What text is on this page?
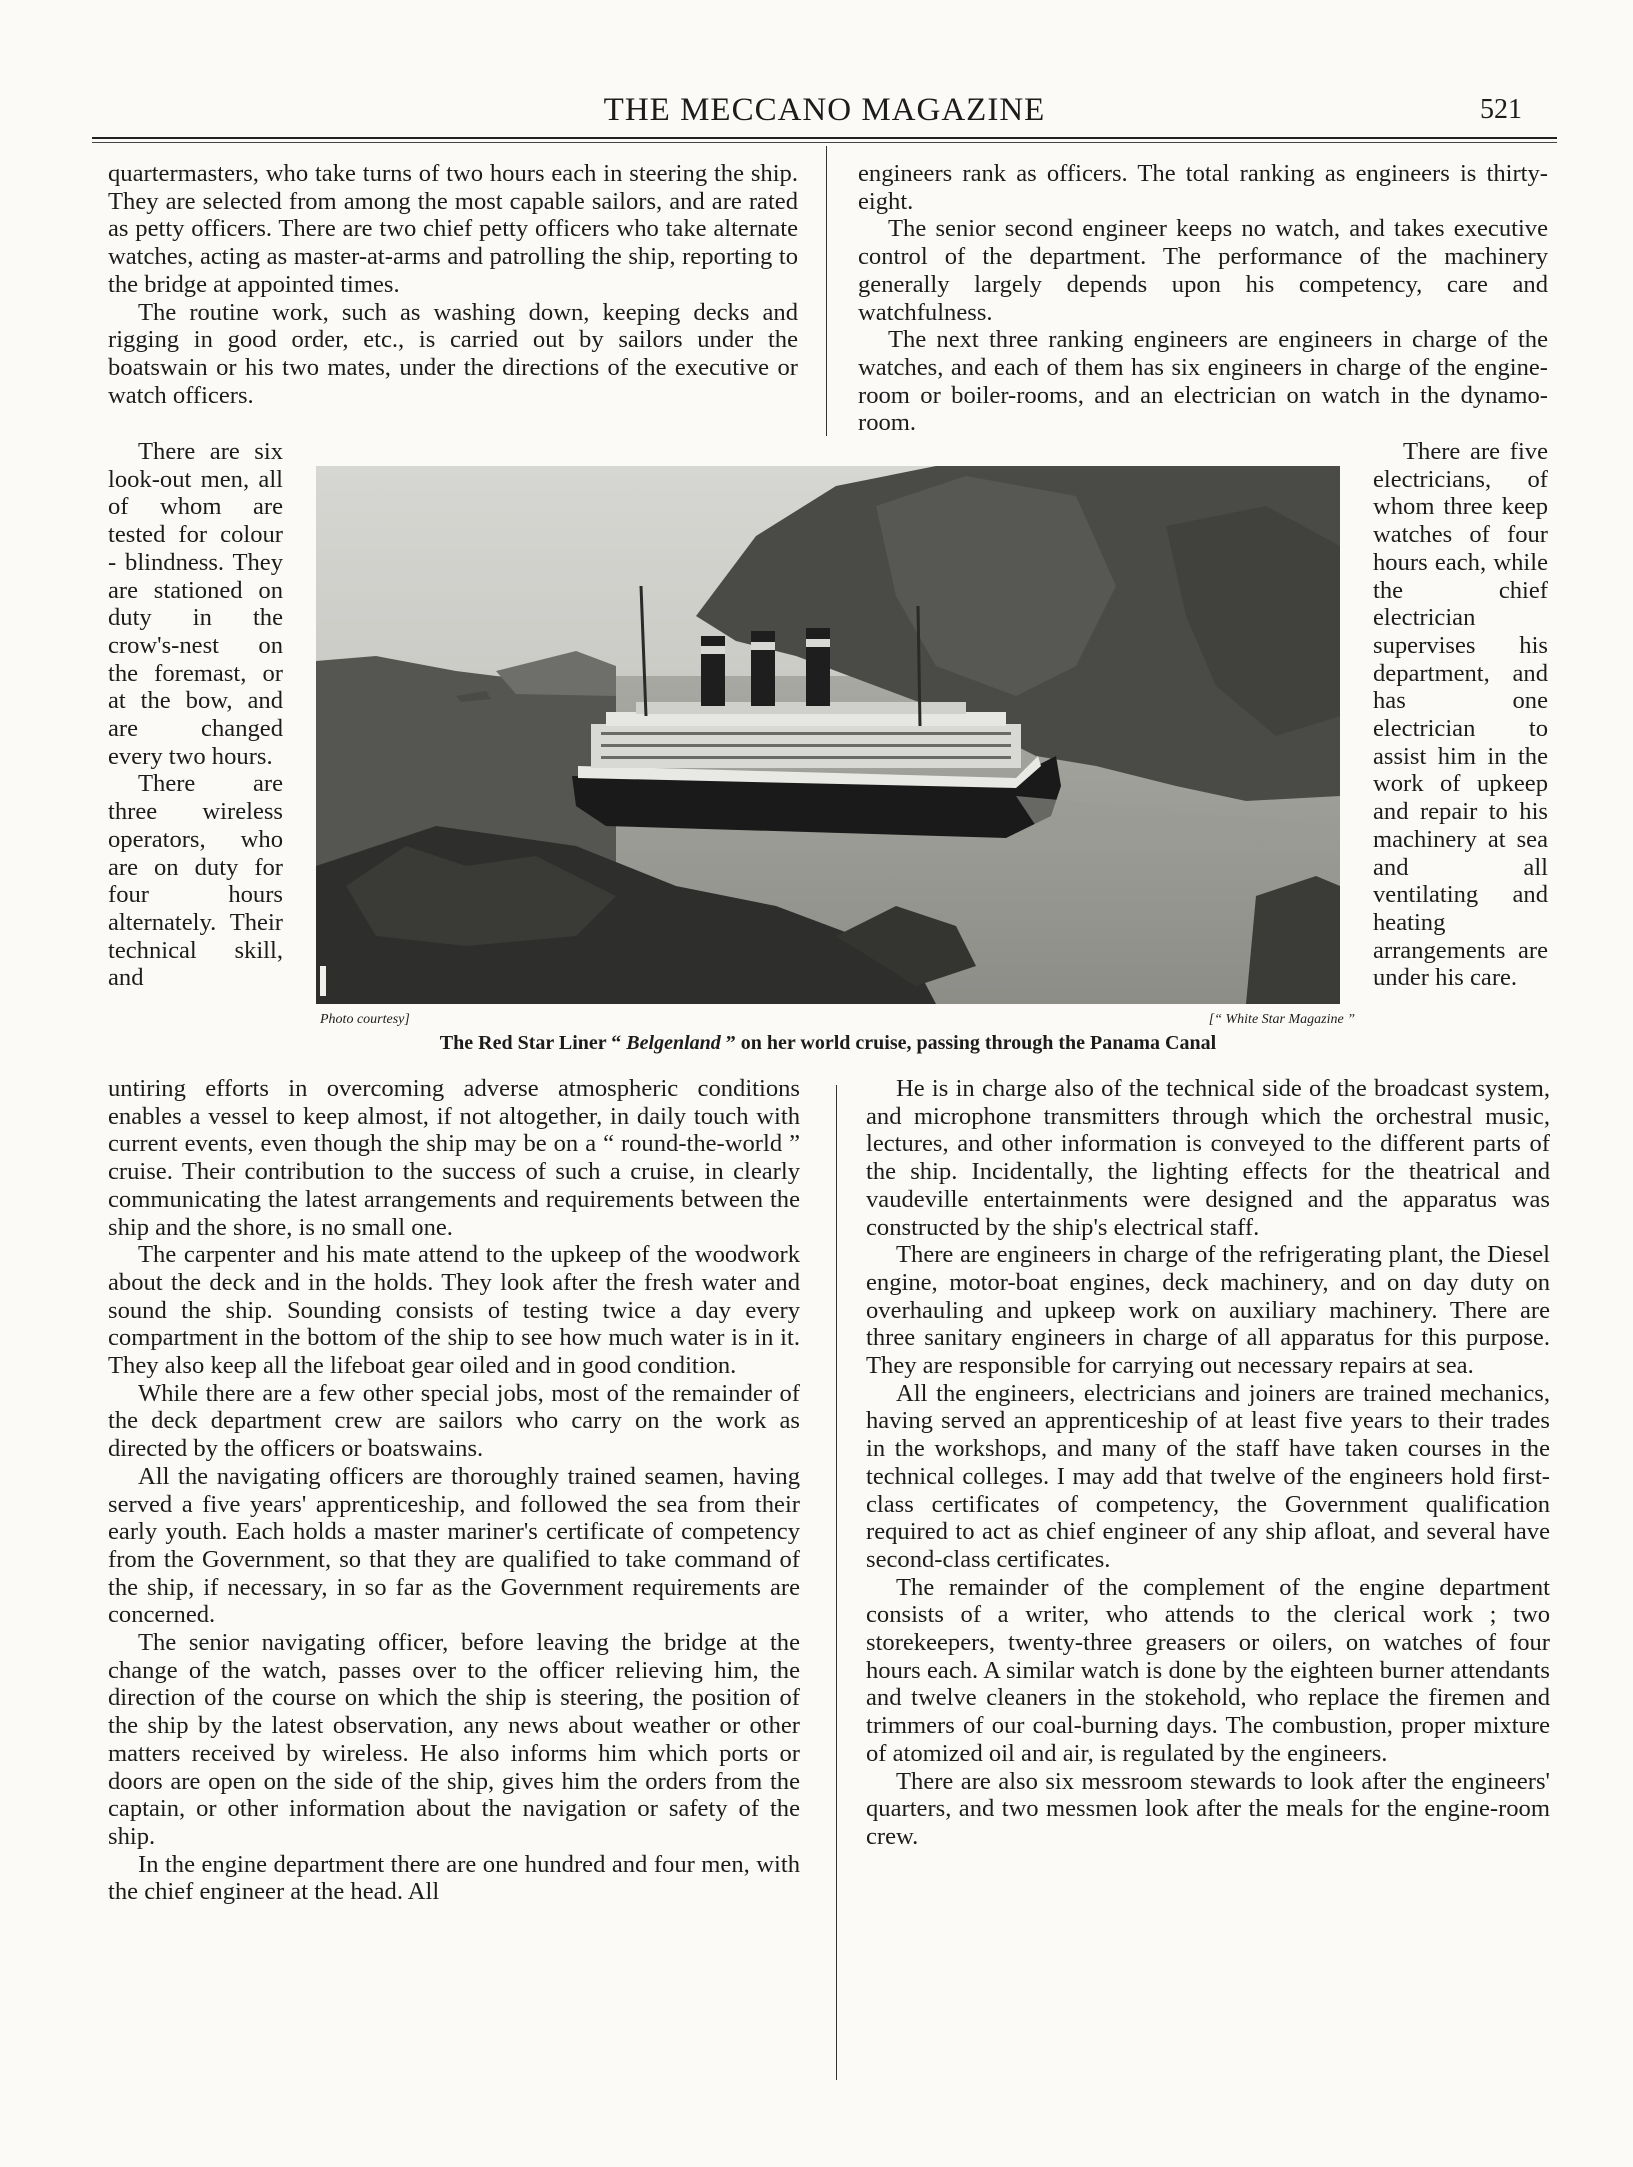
THE MECCANO MAGAZINE	521

quartermasters, who take turns of two hours each in steering the ship. They are selected from among the most capable sailors, and are rated as petty officers. There are two chief petty officers who take alternate watches, acting as master-at-arms and patrolling the ship, reporting to the bridge at appointed times.

The routine work, such as washing down, keeping decks and rigging in good order, etc., is carried out by sailors under the boatswain or his two mates, under the directions of the executive or watch officers.

engineers rank as officers. The total ranking as engineers is thirty-eight.

The senior second engineer keeps no watch, and takes executive control of the department. The performance of the machinery generally largely depends upon his competency, care and watchfulness.

The next three ranking engineers are engineers in charge of the watches, and each of them has six engineers in charge of the engine-room or boiler-rooms, and an electrician on watch in the dynamo-room.

There are six look-out men, all of whom are tested for colour - blindness. They are stationed on duty in the crow's-nest on the foremast, or at the bow, and are changed every two hours.

There are three wireless operators, who are on duty for four hours alternately. Their technical skill, and

There are five electricians, of whom three keep watches of four hours each, while the chief electrician supervises his department, and has one electrician to assist him in the work of upkeep and repair to his machinery at sea and all ventilating and heating arrangements are under his care.

Photo courtesy]	[“ White Star Magazine ”
The Red Star Liner “ Belgenland ” on her world cruise, passing through the Panama Canal

untiring efforts in overcoming adverse atmospheric conditions enables a vessel to keep almost, if not altogether, in daily touch with current events, even though the ship may be on a “ round-the-world ” cruise. Their contribution to the success of such a cruise, in clearly communicating the latest arrangements and requirements between the ship and the shore, is no small one.

The carpenter and his mate attend to the upkeep of the woodwork about the deck and in the holds. They look after the fresh water and sound the ship. Sounding consists of testing twice a day every compartment in the bottom of the ship to see how much water is in it. They also keep all the lifeboat gear oiled and in good condition.

While there are a few other special jobs, most of the remainder of the deck department crew are sailors who carry on the work as directed by the officers or boatswains.

All the navigating officers are thoroughly trained seamen, having served a five years' apprenticeship, and followed the sea from their early youth. Each holds a master mariner's certificate of competency from the Government, so that they are qualified to take command of the ship, if necessary, in so far as the Government requirements are concerned.

The senior navigating officer, before leaving the bridge at the change of the watch, passes over to the officer relieving him, the direction of the course on which the ship is steering, the position of the ship by the latest observation, any news about weather or other matters received by wireless. He also informs him which ports or doors are open on the side of the ship, gives him the orders from the captain, or other information about the navigation or safety of the ship.

In the engine department there are one hundred and four men, with the chief engineer at the head. All

He is in charge also of the technical side of the broadcast system, and microphone transmitters through which the orchestral music, lectures, and other information is conveyed to the different parts of the ship. Incidentally, the lighting effects for the theatrical and vaudeville entertainments were designed and the apparatus was constructed by the ship's electrical staff.

There are engineers in charge of the refrigerating plant, the Diesel engine, motor-boat engines, deck machinery, and on day duty on overhauling and upkeep work on auxiliary machinery. There are three sanitary engineers in charge of all apparatus for this purpose. They are responsible for carrying out necessary repairs at sea.

All the engineers, electricians and joiners are trained mechanics, having served an apprenticeship of at least five years to their trades in the workshops, and many of the staff have taken courses in the technical colleges. I may add that twelve of the engineers hold first-class certificates of competency, the Government qualification required to act as chief engineer of any ship afloat, and several have second-class certificates.

The remainder of the complement of the engine department consists of a writer, who attends to the clerical work ; two storekeepers, twenty-three greasers or oilers, on watches of four hours each. A similar watch is done by the eighteen burner attendants and twelve cleaners in the stokehold, who replace the firemen and trimmers of our coal-burning days. The combustion, proper mixture of atomized oil and air, is regulated by the engineers.

There are also six messroom stewards to look after the engineers' quarters, and two messmen look after the meals for the engine-room crew.
